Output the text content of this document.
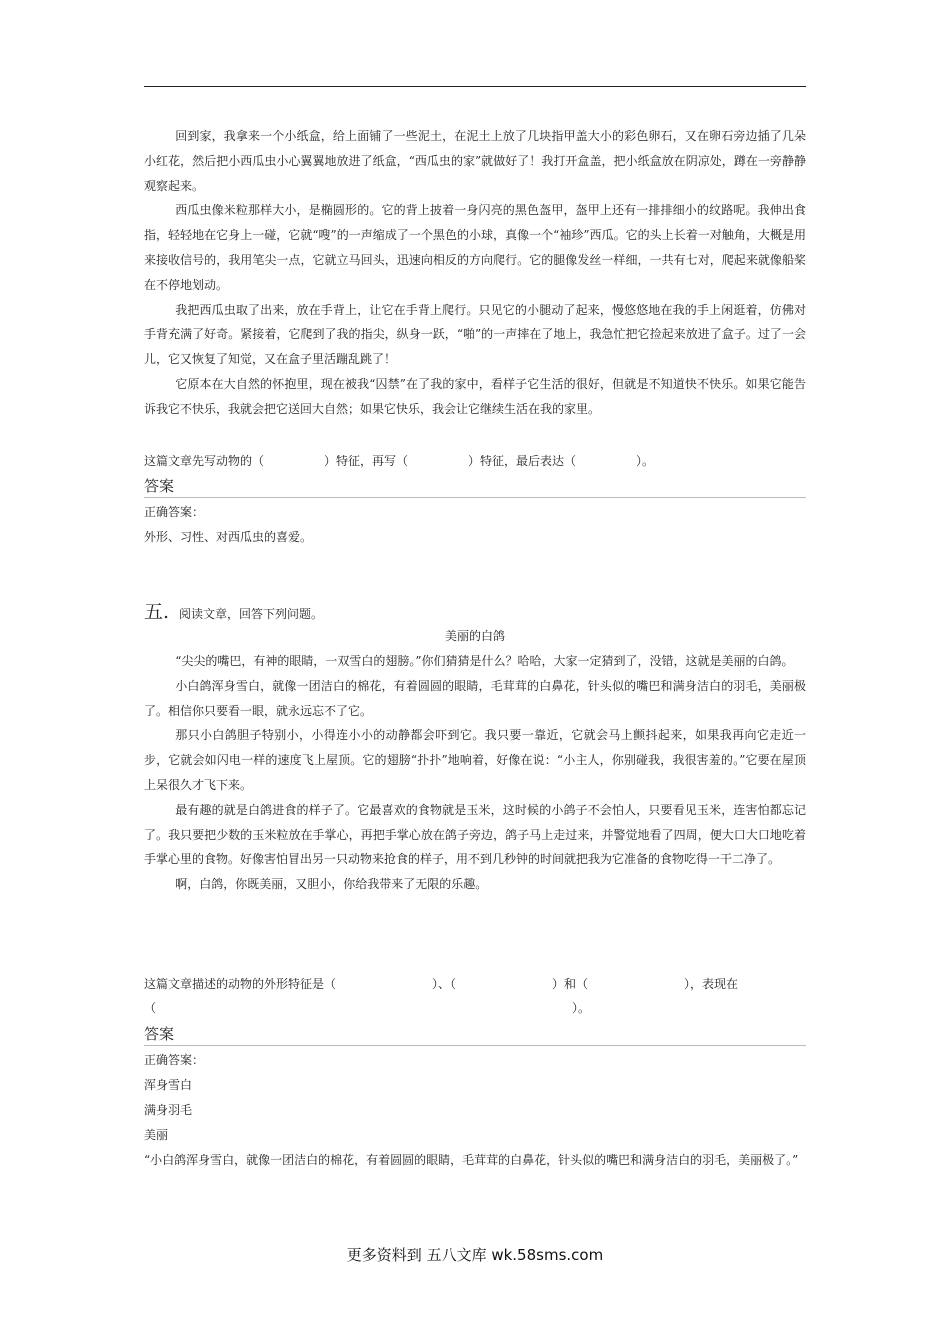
回到家，我拿来一个小纸盒，给上面铺了一些泥土，在泥土上放了几块指甲盖大小的彩色卵石，又在卵石旁边插了几朵小红花，然后把小西瓜虫小心翼翼地放进了纸盒，“西瓜虫的家”就做好了！我打开盒盖，把小纸盒放在阴凉处，蹲在一旁静静观察起来。

西瓜虫像米粒那样大小，是椭圆形的。它的背上披着一身闪亮的黑色盔甲，盔甲上还有一排排细小的纹路呢。我伸出食指，轻轻地在它身上一碰，它就“嗖”的一声缩成了一个黑色的小球，真像一个“袖珍”西瓜。它的头上长着一对触角，大概是用来接收信号的，我用笔尖一点，它就立马回头，迅速向相反的方向爬行。它的腿像发丝一样细，一共有七对，爬起来就像船桨在不停地划动。

我把西瓜虫取了出来，放在手背上，让它在手背上爬行。只见它的小腿动了起来，慢悠悠地在我的手上闲逛着，仿佛对手背充满了好奇。紧接着，它爬到了我的指尖，纵身一跃，“啪”的一声摔在了地上，我急忙把它捡起来放进了盒子。过了一会儿，它又恢复了知觉，又在盒子里活蹦乱跳了！

它原本在大自然的怀抱里，现在被我“囚禁”在了我的家中，看样子它生活的很好，但就是不知道快不快乐。如果它能告诉我它不快乐，我就会把它送回大自然；如果它快乐，我会让它继续生活在我的家里。

这篇文章先写动物的（	）特征，再写（	）特征，最后表达（	）。

答案

正确答案：

外形、习性、对西瓜虫的喜爱。

五. 阅读文章，回答下列问题。

美丽的白鸽

“尖尖的嘴巴，有神的眼睛，一双雪白的翅膀。”你们猜猜是什么？哈哈，大家一定猜到了，没错，这就是美丽的白鸽。

小白鸽浑身雪白，就像一团洁白的棉花，有着圆圆的眼睛，毛茸茸的白鼻花，针头似的嘴巴和满身洁白的羽毛，美丽极了。相信你只要看一眼，就永远忘不了它。

那只小白鸽胆子特别小，小得连小小的动静都会吓到它。我只要一靠近，它就会马上颤抖起来，如果我再向它走近一步，它就会如闪电一样的速度飞上屋顶。它的翅膀“扑扑”地响着，好像在说：“小主人，你别碰我，我很害羞的。”它要在屋顶上呆很久才飞下来。

最有趣的就是白鸽进食的样子了。它最喜欢的食物就是玉米，这时候的小鸽子不会怕人，只要看见玉米，连害怕都忘记了。我只要把少数的玉米粒放在手掌心，再把手掌心放在鸽子旁边，鸽子马上走过来，并警觉地看了四周，便大口大口地吃着手掌心里的食物。好像害怕冒出另一只动物来抢食的样子，用不到几秒钟的时间就把我为它准备的食物吃得一干二净了。

啊，白鸽，你既美丽，又胆小，你给我带来了无限的乐趣。

这篇文章描述的动物的外形特征是（	）、（	）和（	），表现在

（	）。

答案

正确答案：

浑身雪白

满身羽毛

美丽

“小白鸽浑身雪白，就像一团洁白的棉花，有着圆圆的眼睛，毛茸茸的白鼻花，针头似的嘴巴和满身洁白的羽毛，美丽极了。”

更多资料到 五八文库 wk.58sms.com
